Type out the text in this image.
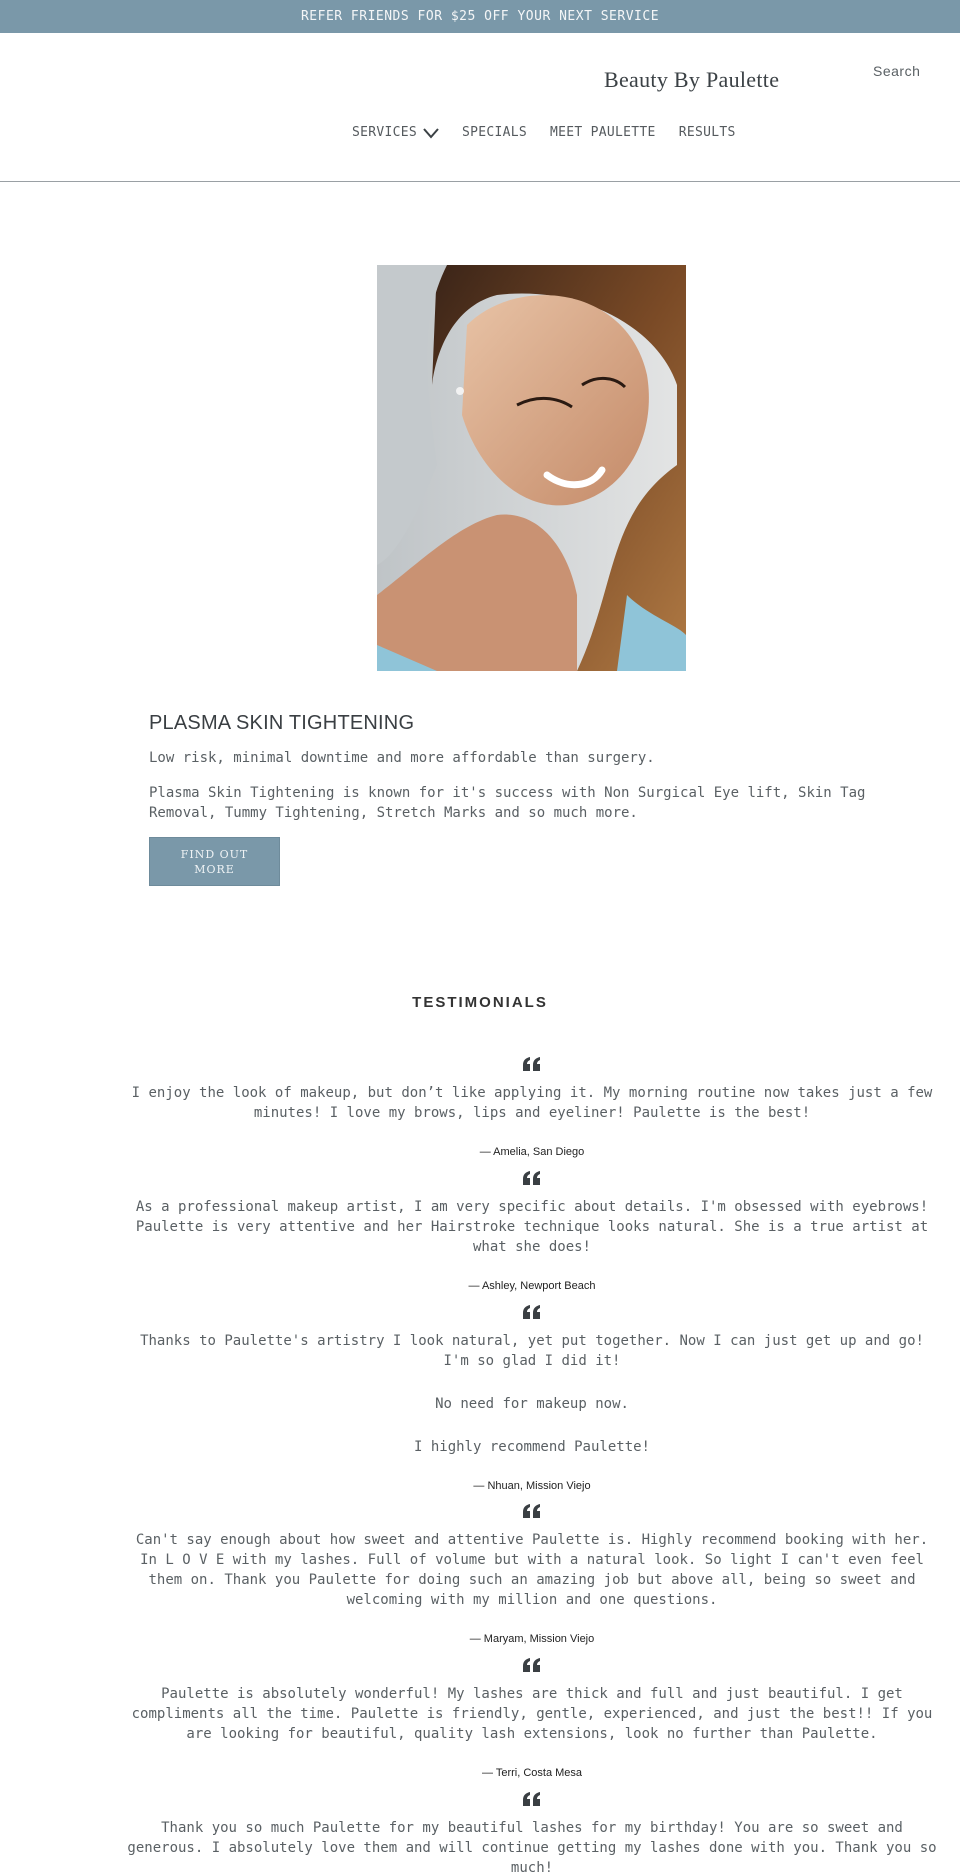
REFER FRIENDS FOR $25 OFF YOUR NEXT SERVICE
Beauty By Paulette	Search
SERVICES	SPECIALS MEET PAULETTE RESULTS
PLASMA SKIN TIGHTENING

Low risk, minimal downtime and more affordable than surgery.

Plasma Skin Tightening is known for it's success with Non Surgical Eye lift, Skin Tag Removal, Tummy Tightening, Stretch Marks and so much more.

FIND OUT MORE
TESTIMONIALS
I enjoy the look of makeup, but don’t like applying it. My morning routine now takes just a few minutes! I love my brows, lips and eyeliner! Paulette is the best!
— Amelia, San Diego
As a professional makeup artist, I am very specific about details. I'm obsessed with eyebrows! Paulette is very attentive and her Hairstroke technique looks natural. She is a true artist at what she does!
— Ashley, Newport Beach
Thanks to Paulette's artistry I look natural, yet put together. Now I can just get up and go! I'm so glad I did it!
No need for makeup now.
I highly recommend Paulette!
— Nhuan, Mission Viejo
Can't say enough about how sweet and attentive Paulette is. Highly recommend booking with her. In L O V E with my lashes. Full of volume but with a natural look. So light I can't even feel them on. Thank you Paulette for doing such an amazing job but above all, being so sweet and welcoming with my million and one questions.
— Maryam, Mission Viejo
Paulette is absolutely wonderful! My lashes are thick and full and just beautiful. I get compliments all the time. Paulette is friendly, gentle, experienced, and just the best!! If you are looking for beautiful, quality lash extensions, look no further than Paulette.
— Terri, Costa Mesa
Thank you so much Paulette for my beautiful lashes for my birthday! You are so sweet and generous. I absolutely love them and will continue getting my lashes done with you. Thank you so much!
